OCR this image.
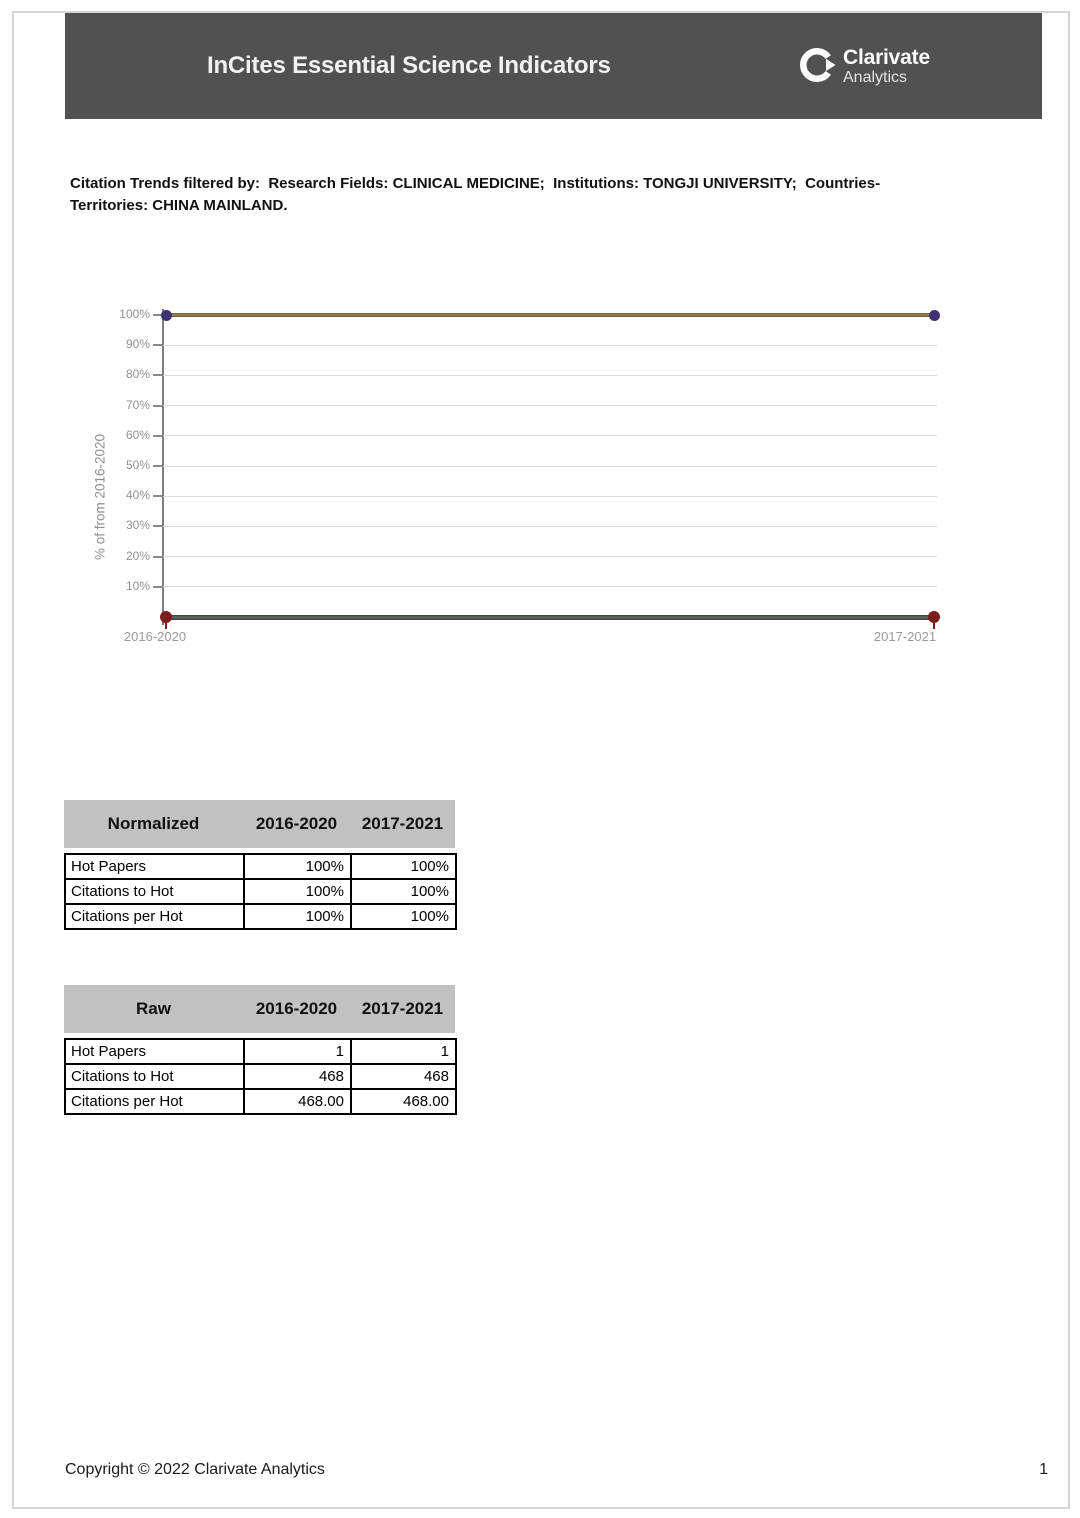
InCites Essential Science Indicators	Clarivate
Analytics
Citation Trends filtered by:  Research Fields: CLINICAL MEDICINE;  Institutions: TONGJI UNIVERSITY;  Countries-
Territories: CHINA MAINLAND.
% of from 2016-2020
2016-2020	2017-2021
10%
20%
30%
40%
50%
60%
70%
80%
90%
100%
Normalized	2016-2020	2017-2021
Hot Papers	100%	100%
Citations to Hot	100%	100%
Citations per Hot	100%	100%
Raw	2016-2020	2017-2021
Hot Papers	1	1
Citations to Hot	468	468
Citations per Hot	468.00	468.00
Copyright © 2022 Clarivate Analytics	1
